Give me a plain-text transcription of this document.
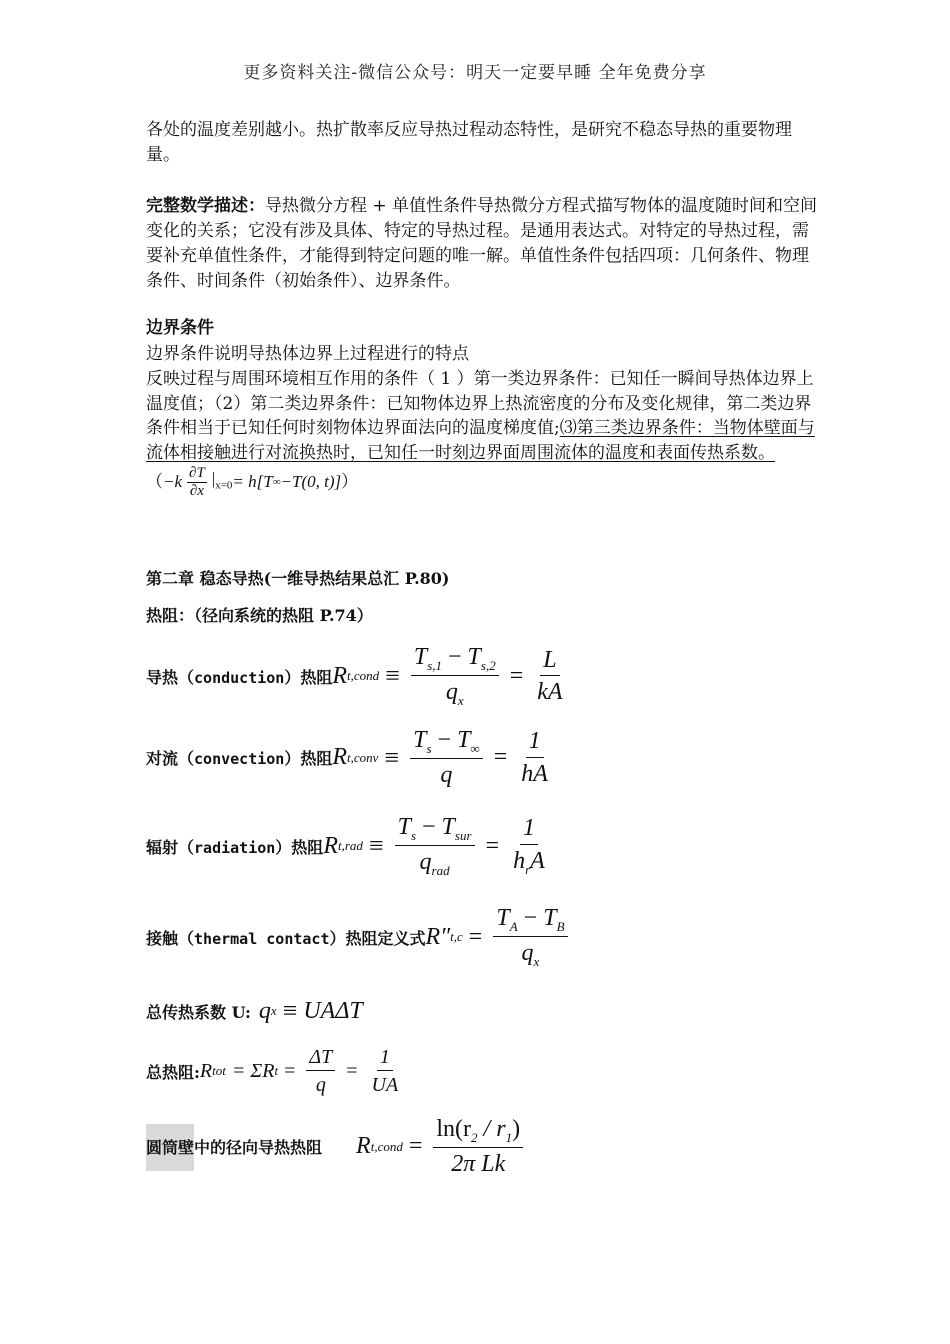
更多资料关注-微信公众号：明天一定要早睡 全年免费分享
各处的温度差别越小。热扩散率反应导热过程动态特性，是研究不稳态导热的重要物理量。
完整数学描述：导热微分方程 + 单值性条件导热微分方程式描写物体的温度随时间和空间变化的关系；它没有涉及具体、特定的导热过程。是通用表达式。对特定的导热过程，需要补充单值性条件，才能得到特定问题的唯一解。单值性条件包括四项：几何条件、物理条件、时间条件（初始条件）、边界条件。
边界条件
边界条件说明导热体边界上过程进行的特点
反映过程与周围环境相互作用的条件（ 1 ）第一类边界条件：已知任一瞬间导热体边界上温度值；（2）第二类边界条件：已知物体边界上热流密度的分布及变化规律，第二类边界条件相当于已知任何时刻物体边界面法向的温度梯度值;⑶第三类边界条件：当物体壁面与流体相接触进行对流换热时，已知任一时刻边界面周围流体的温度和表面传热系数。
（ $-k \frac{\partial T}{\partial x} |_{x=0} = h[T$ ∞ −T(0, t)] ）
第二章 稳态导热(一维导热结果总汇 P.80)
热阻：（径向系统的热阻 P.74）
导热（conduction）热阻 R t,cond ≡ $\frac{T_{s,1} - T_{s,2}}{q_x} = \frac{L}{kA}$
对流（convection）热阻 R t,conv ≡ $\frac{T_s - T_\infty}{q} = \frac{1}{hA}$
辐射（radiation）热阻 R $t,rad \equiv \frac{T_s - T_{sur}}{q_{rad}} = \frac{1}{h_rA}$
接触（thermal contact）热阻定义式 R″ $t,c = \frac{T_A - T_B}{q_x}$
总传热系数 U: q x ≡ UAΔT
总热阻: R tot = ΣR $t = \frac{\Delta T}{q} = \frac{1}{UA}$
圆筒壁中的径向导热热阻 R t,cond = $\frac{\ln(r_2 / r_1)}{\text{2π Lk}}$
